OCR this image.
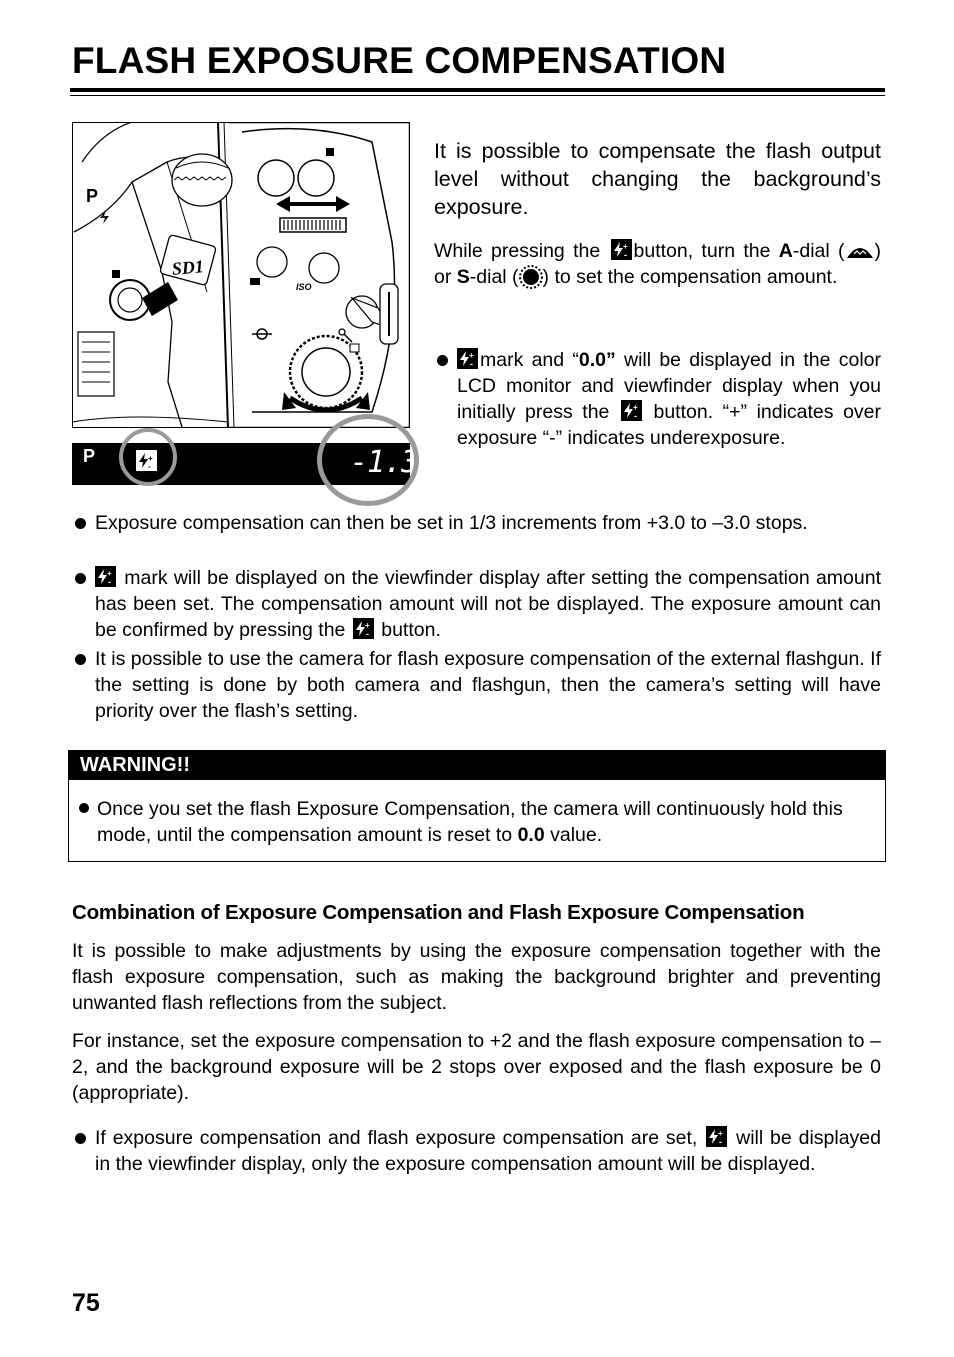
FLASH EXPOSURE COMPENSATION
SD1
P
ISO
P	+
-	-1.3
It is possible to compensate the flash output level without changing the background’s exposure.
While pressing the	+
- button, turn the A-dial ( ) or S-dial ( ) to set the compensation amount.
+
- mark and “0.0” will be displayed in the color LCD monitor and viewfinder display when you initially press the	+
- button. “+” indicates over exposure “-” indicates underexposure.
Exposure compensation can then be set in 1/3 increments from +3.0 to –3.0 stops.
+
- mark will be displayed on the viewfinder display after setting the compensation amount has been set. The compensation amount will not be displayed. The exposure amount can be confirmed by pressing the +
- button.
It is possible to use the camera for flash exposure compensation of the external flashgun. If the setting is done by both camera and flashgun, then the camera’s setting will have priority over the flash’s setting.
WARNING!!
Once you set the flash Exposure Compensation, the camera will continuously hold this mode, until the compensation amount is reset to 0.0 value.
Combination of Exposure Compensation and Flash Exposure Compensation
It is possible to make adjustments by using the exposure compensation together with the flash exposure compensation, such as making the background brighter and preventing unwanted flash reflections from the subject.
For instance, set the exposure compensation to +2 and the flash exposure compensation to –2, and the background exposure will be 2 stops over exposed and the flash exposure be 0 (appropriate).
If exposure compensation and flash exposure compensation are set,	+
- will be displayed in the viewfinder display, only the exposure compensation amount will be displayed.
75
